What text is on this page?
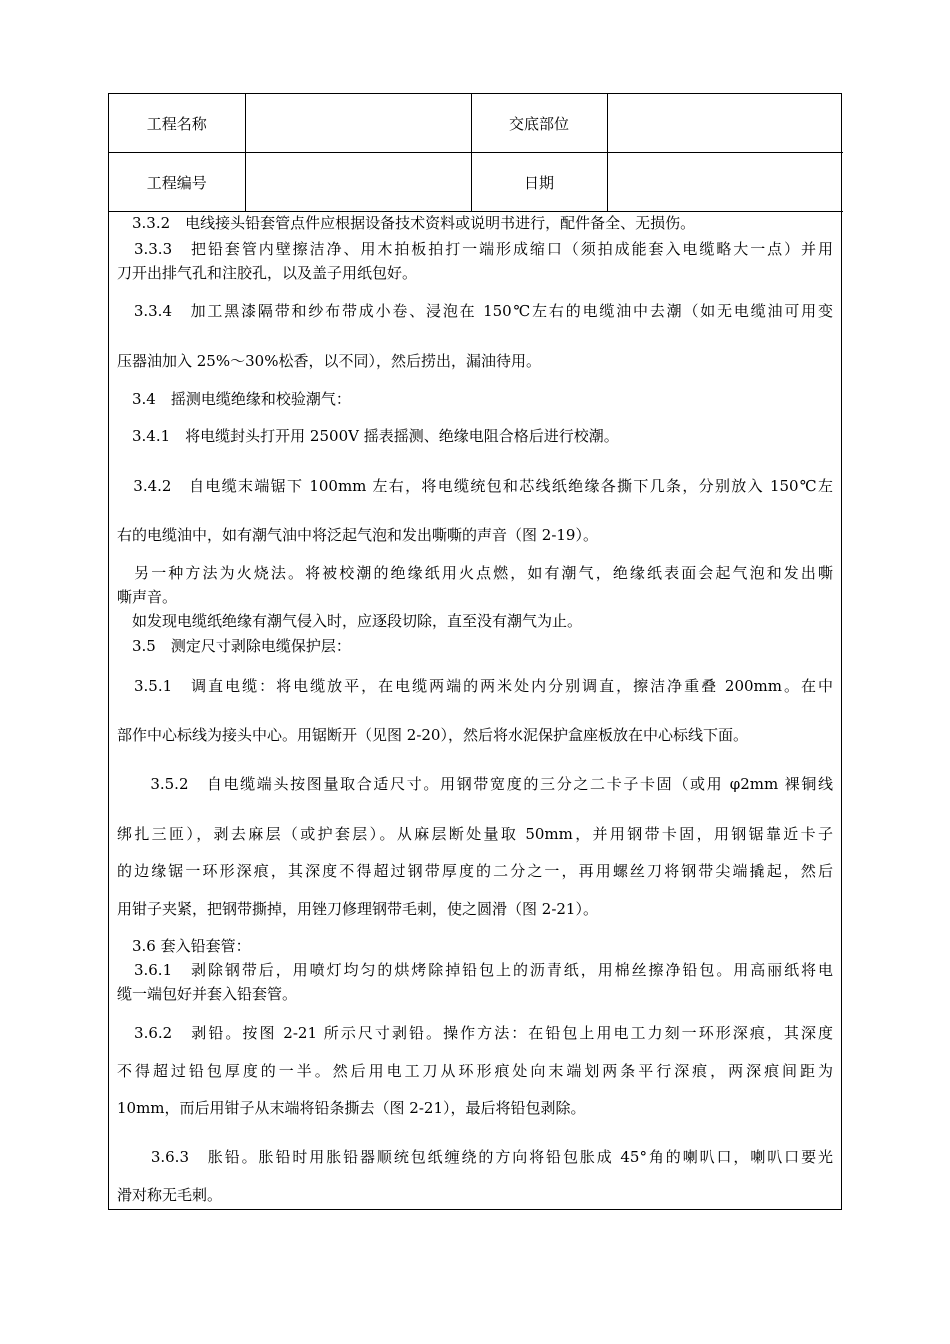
工程名称		交底部位	
工程编号		日期	
　3.3.2　电线接头铅套管点件应根据设备技术资料或说明书进行，配件备全、无损伤。
　3.3.3　把铅套管内壁擦洁净、用木拍板拍打一端形成缩口（须拍成能套入电缆略大一点）并用
刀开出排气孔和注胶孔，以及盖子用纸包好。
　3.3.4　加工黑漆隔带和纱布带成小卷、浸泡在 150℃左右的电缆油中去潮（如无电缆油可用变
压器油加入 25%～30%松香，以不同），然后捞出，漏油待用。
　3.4　摇测电缆绝缘和校验潮气：
　3.4.1　将电缆封头打开用 2500V 摇表摇测、绝缘电阻合格后进行校潮。
　3.4.2　自电缆末端锯下 100mm 左右，将电缆统包和芯线纸绝缘各撕下几条，分别放入 150℃左
右的电缆油中，如有潮气油中将泛起气泡和发出嘶嘶的声音（图 2-19）。
　另一种方法为火烧法。将被校潮的绝缘纸用火点燃，如有潮气，绝缘纸表面会起气泡和发出嘶
嘶声音。
　如发现电缆纸绝缘有潮气侵入时，应逐段切除，直至没有潮气为止。
　3.5　测定尺寸剥除电缆保护层：
　3.5.1　调直电缆：将电缆放平，在电缆两端的两米处内分别调直，擦洁净重叠 200mm。在中
部作中心标线为接头中心。用锯断开（见图 2-20），然后将水泥保护盒座板放在中心标线下面。
　　3.5.2　自电缆端头按图量取合适尺寸。用钢带宽度的三分之二卡子卡固（或用 φ2mm 裸铜线
绑扎三匝），剥去麻层（或护套层）。从麻层断处量取 50mm，并用钢带卡固，用钢锯靠近卡子
的边缘锯一环形深痕，其深度不得超过钢带厚度的二分之一，再用螺丝刀将钢带尖端撬起，然后
用钳子夹紧，把钢带撕掉，用锉刀修理钢带毛刺，使之圆滑（图 2-21）。
　3.6 套入铅套管：
　3.6.1　剥除钢带后，用喷灯均匀的烘烤除掉铅包上的沥青纸，用棉丝擦净铅包。用高丽纸将电
缆一端包好并套入铅套管。
　3.6.2　剥铅。按图 2-21 所示尺寸剥铅。操作方法：在铅包上用电工力刻一环形深痕，其深度
不得超过铅包厚度的一半。然后用电工刀从环形痕处向末端划两条平行深痕，两深痕间距为
10mm，而后用钳子从末端将铅条撕去（图 2-21），最后将铅包剥除。
　　3.6.3　胀铅。胀铅时用胀铅器顺统包纸缠绕的方向将铅包胀成 45°角的喇叭口，喇叭口要光
滑对称无毛刺。
